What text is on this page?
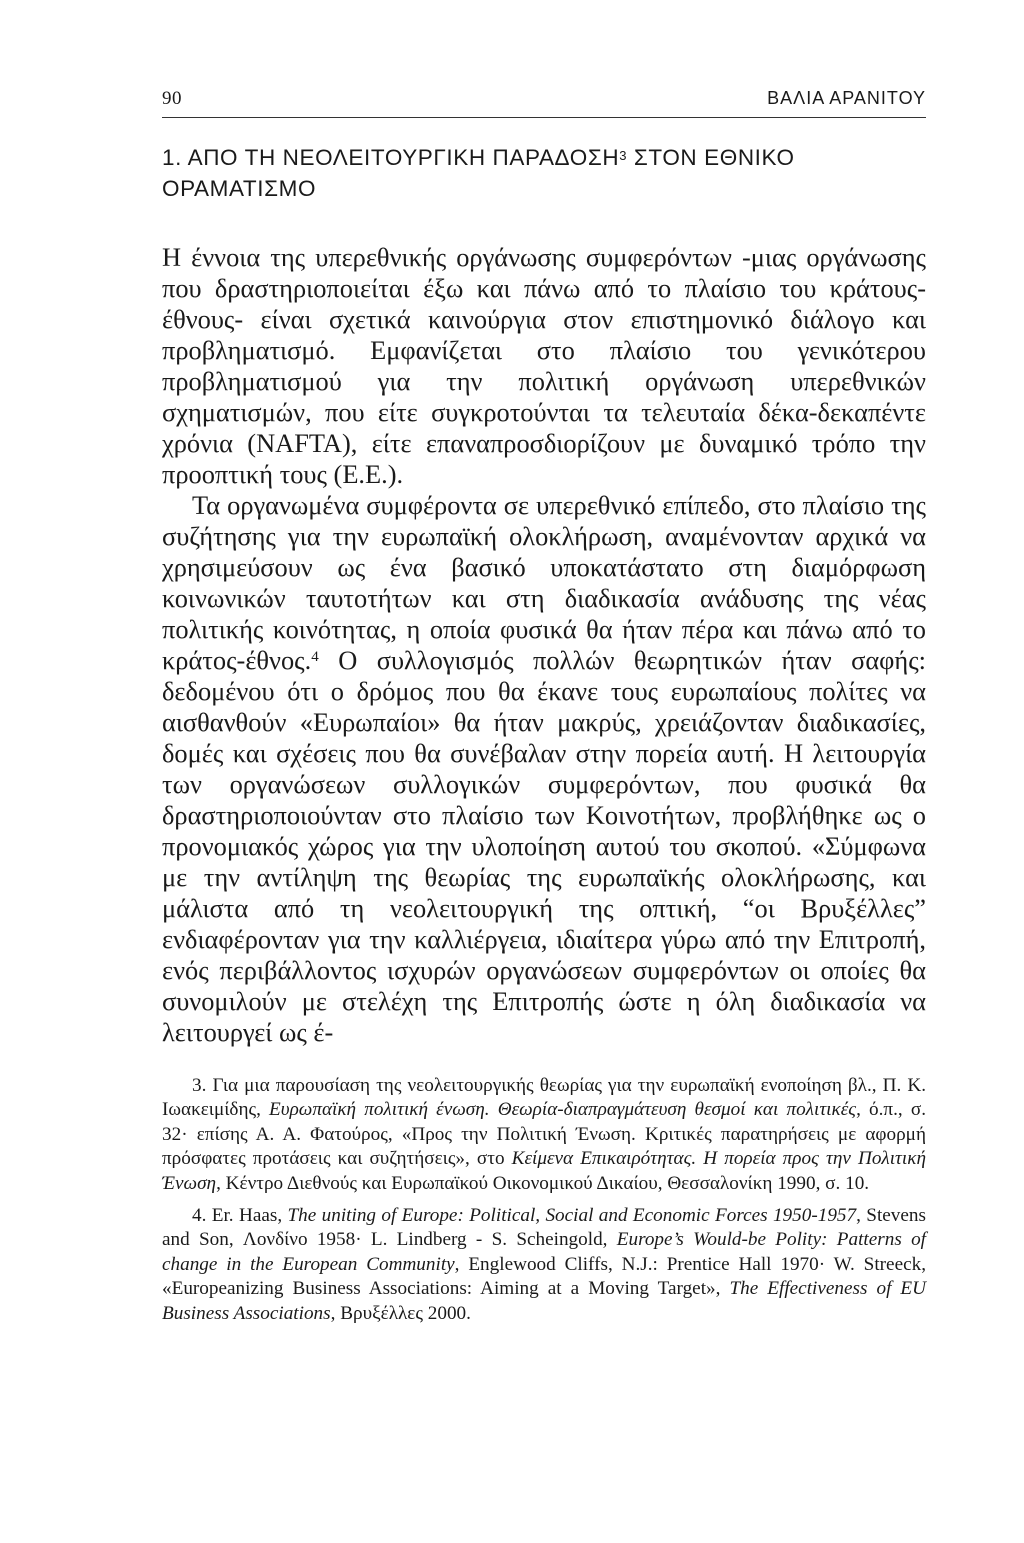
90	ΒΑΛΙΑ ΑΡΑΝΙΤΟΥ
1. ΑΠΟ ΤΗ ΝΕΟΛΕΙΤΟΥΡΓΙΚΗ ΠΑΡΑΔΟΣΗ$^3$ ΣΤΟΝ ΕΘΝΙΚΟ
ΟΡΑΜΑΤΙΣΜΟ

Η έννοια της υπερεθνικής οργάνωσης συμφερόντων -μιας οργάνωσης που δραστηριοποιείται έξω και πάνω από το πλαίσιο του κράτους-έθνους- είναι σχετικά καινούργια στον επιστημονικό διάλογο και προβληματισμό. Εμφανίζεται στο πλαίσιο του γενικότερου προβληματισμού για την πολιτική οργάνωση υπερεθνικών σχηματισμών, που είτε συγκροτούνται τα τελευταία δέκα-δεκαπέντε χρόνια (NAFTA), είτε επαναπροσδιορίζουν με δυναμικό τρόπο την προοπτική τους (Ε.Ε.).

Τα οργανωμένα συμφέροντα σε υπερεθνικό επίπεδο, στο πλαίσιο της συζήτησης για την ευρωπαϊκή ολοκλήρωση, αναμένονταν αρχικά να χρησιμεύσουν ως ένα βασικό υποκατάστατο στη διαμόρφωση κοινωνικών ταυτοτήτων και στη διαδικασία ανάδυσης της νέας πολιτικής κοινότητας, η οποία φυσικά θα ήταν πέρα και πάνω από το κράτος-έθνος.$^4$ Ο συλλογισμός πολλών θεωρητικών ήταν σαφής: δεδομένου ότι ο δρόμος που θα έκανε τους ευρωπαίους πολίτες να αισθανθούν «Ευρωπαίοι» θα ήταν μακρύς, χρειάζονταν διαδικασίες, δομές και σχέσεις που θα συνέβαλαν στην πορεία αυτή. Η λειτουργία των οργανώσεων συλλογικών συμφερόντων, που φυσικά θα δραστηριοποιούνταν στο πλαίσιο των Κοινοτήτων, προβλήθηκε ως ο προνομιακός χώρος για την υλοποίηση αυτού του σκοπού. «Σύμφωνα με την αντίληψη της θεωρίας της ευρωπαϊκής ολοκλήρωσης, και μάλιστα από τη νεολειτουργική της οπτική, “οι Βρυξέλλες” ενδιαφέρονταν για την καλλιέργεια, ιδιαίτερα γύρω από την Επιτροπή, ενός περιβάλλοντος ισχυρών οργανώσεων συμφερόντων οι οποίες θα συνομιλούν με στελέχη της Επιτροπής ώστε η όλη διαδικασία να λειτουργεί ως έ-

3. Για μια παρουσίαση της νεολειτουργικής θεωρίας για την ευρωπαϊκή ενοποίηση βλ., Π. Κ. Ιωακειμίδης, Ευρωπαϊκή πολιτική ένωση. Θεωρία-διαπραγμάτευση θεσμοί και πολιτικές, ό.π., σ. 32· επίσης Α. Α. Φατούρος, «Προς την Πολιτική Ένωση. Κριτικές παρατηρήσεις με αφορμή πρόσφατες προτάσεις και συζητήσεις», στο Κείμενα Επικαιρότητας. Η πορεία προς την Πολιτική Ένωση, Κέντρο Διεθνούς και Ευρωπαϊκού Οικονομικού Δικαίου, Θεσσαλονίκη 1990, σ. 10.

4. Er. Haas, The uniting of Europe: Political, Social and Economic Forces 1950-1957, Stevens and Son, Λονδίνο 1958· L. Lindberg - S. Scheingold, Europe’s Would-be Polity: Patterns of change in the European Community, Englewood Cliffs, N.J.: Prentice Hall 1970· W. Streeck, «Europeanizing Business Associations: Aiming at a Moving Target», The Effectiveness of EU Business Associations, Βρυξέλλες 2000.
